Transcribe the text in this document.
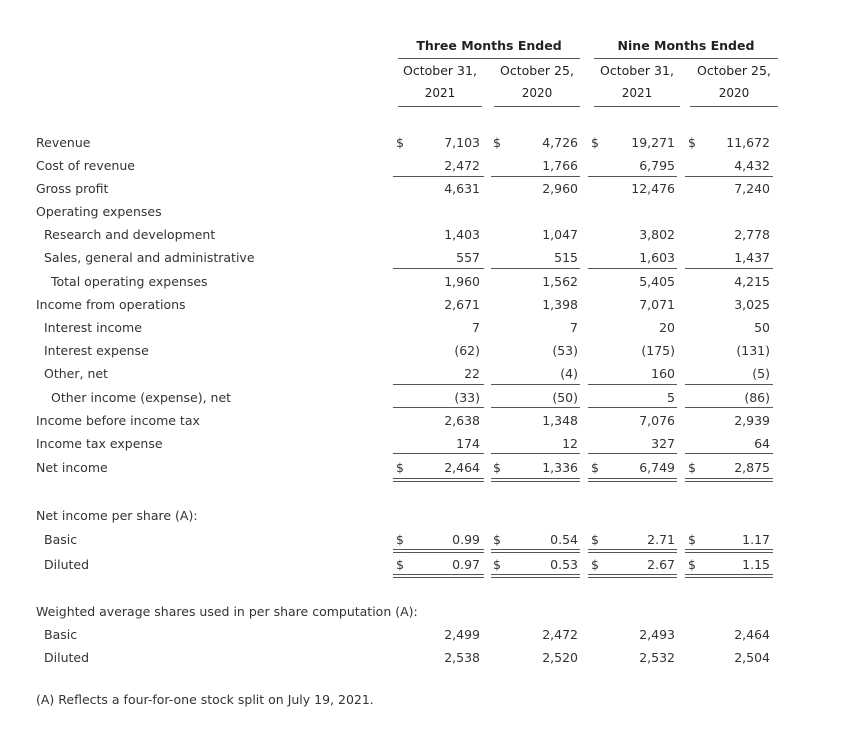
Three Months Ended	Nine Months Ended
October 31,	October 25,	October 31,	October 25,
2021	2020	2021	2020
Revenue	$	7,103 $	4,726 $	19,271 $	11,672
Cost of revenue	2,472	1,766	6,795	4,432
Gross profit	4,631	2,960	12,476	7,240
Operating expenses
Research and development	1,403	1,047	3,802	2,778
Sales, general and administrative	557	515	1,603	1,437
Total operating expenses	1,960	1,562	5,405	4,215
Income from operations	2,671	1,398	7,071	3,025
Interest income	7	7	20	50
Interest expense	(62)	(53)	(175)	(131)
Other, net	22	(4)	160	(5)
Other income (expense), net	(33)	(50)	5	(86)
Income before income tax	2,638	1,348	7,076	2,939
Income tax expense	174	12	327	64
Net income	$	2,464 $	1,336 $	6,749 $	2,875
Net income per share (A):
Basic	$	0.99 $	0.54 $	2.71 $	1.17
Diluted	$	0.97 $	0.53 $	2.67 $	1.15
Weighted average shares used in per share computation (A):
Basic	2,499	2,472	2,493	2,464
Diluted	2,538	2,520	2,532	2,504
(A) Reflects a four-for-one stock split on July 19, 2021.
